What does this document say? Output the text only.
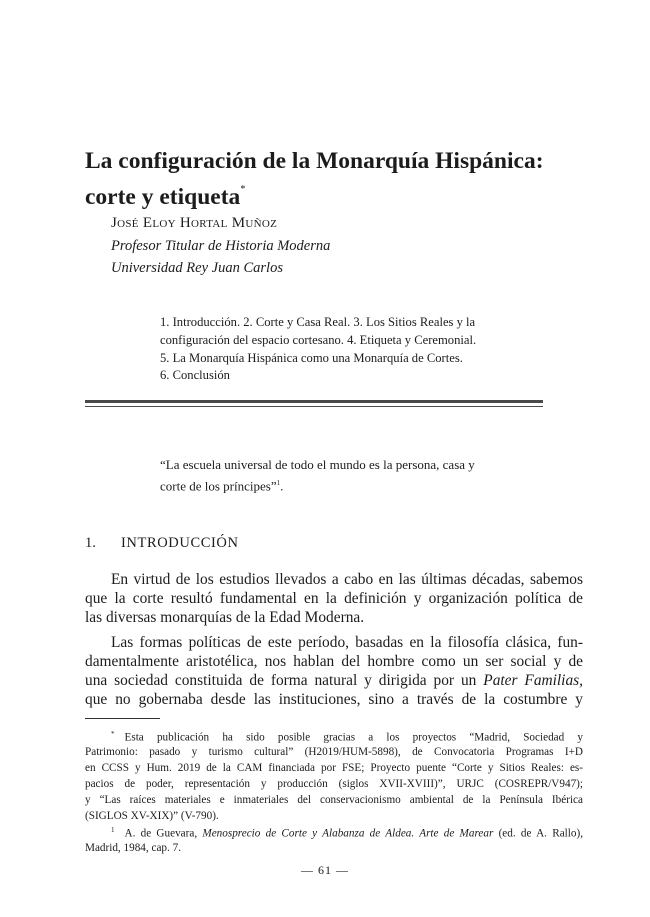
La configuración de la Monarquía Hispánica:
corte y etiqueta*
José Eloy Hortal Muñoz
Profesor Titular de Historia Moderna
Universidad Rey Juan Carlos
1. Introducción. 2. Corte y Casa Real. 3. Los Sitios Reales y la
configuración del espacio cortesano. 4. Etiqueta y Ceremonial.
5. La Monarquía Hispánica como una Monarquía de Cortes.
6. Conclusión
“La escuela universal de todo el mundo es la persona, casa y
corte de los príncipes”$^1$.
1. INTRODUCCIÓN
En virtud de los estudios llevados a cabo en las últimas décadas, sabemos
que la corte resultó fundamental en la definición y organización política de
las diversas monarquías de la Edad Moderna.
Las formas políticas de este período, basadas en la filosofía clásica, fun-
damentalmente aristotélica, nos hablan del hombre como un ser social y de
una sociedad constituida de forma natural y dirigida por un Pater Familias,
que no gobernaba desde las instituciones, sino a través de la costumbre y
* Esta publicación ha sido posible gracias a los proyectos “Madrid, Sociedad y
Patrimonio: pasado y turismo cultural” (H2019/HUM-5898), de Convocatoria Programas I+D
en CCSS y Hum. 2019 de la CAM financiada por FSE; Proyecto puente “Corte y Sitios Reales: es-
pacios de poder, representación y producción (siglos XVII-XVIII)”, URJC (COSREPR/V947);
y “Las raíces materiales e inmateriales del conservacionismo ambiental de la Península Ibérica
(SIGLOS XV-XIX)” (V-790).
$^1$ A. de Guevara, Menosprecio de Corte y Alabanza de Aldea. Arte de Marear (ed. de A. Rallo),
Madrid, 1984, cap. 7.
— 61 —
